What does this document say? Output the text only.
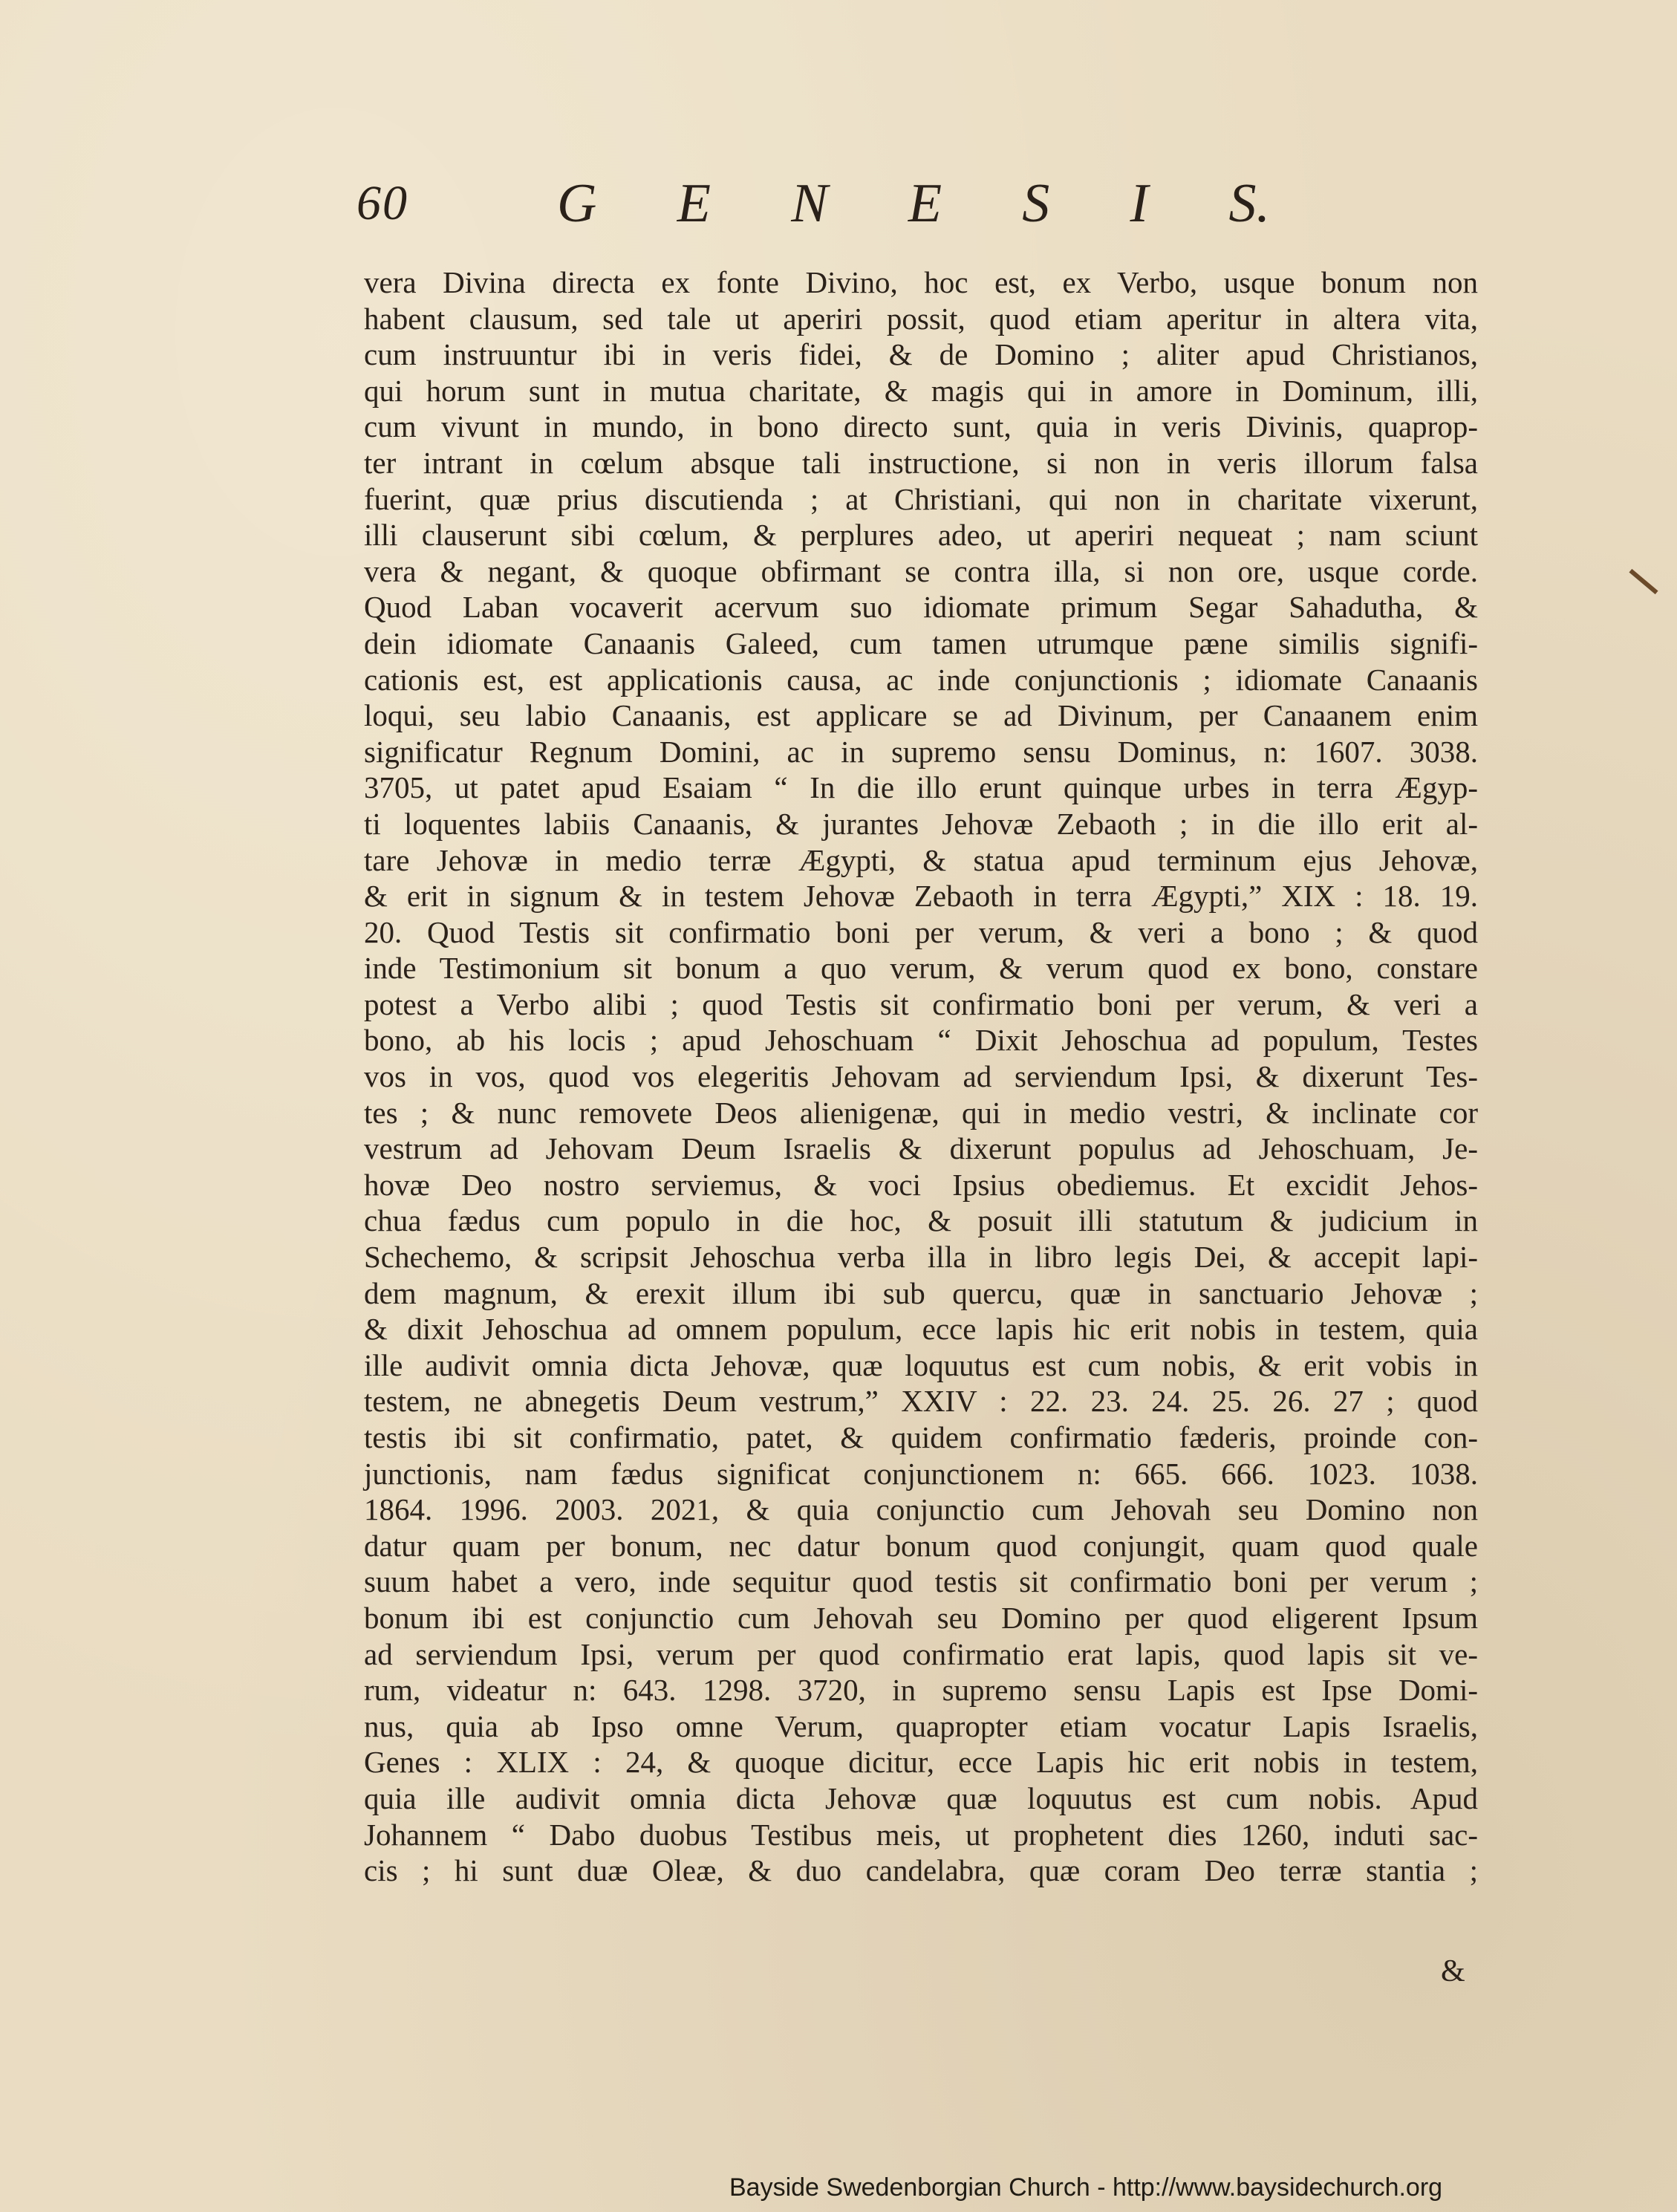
60	G E N E S I S.
vera Divina directa ex fonte Divino, hoc est, ex Verbo, usque bonum non
habent clausum, sed tale ut aperiri possit, quod etiam aperitur in altera vita,
cum instruuntur ibi in veris fidei, & de Domino ; aliter apud Christianos,
qui horum sunt in mutua charitate, & magis qui in amore in Dominum, illi,
cum vivunt in mundo, in bono directo sunt, quia in veris Divinis, quaprop-
ter intrant in cœlum absque tali instructione, si non in veris illorum falsa
fuerint, quæ prius discutienda ; at Christiani, qui non in charitate vixerunt,
illi clauserunt sibi cœlum, & perplures adeo, ut aperiri nequeat ; nam sciunt
vera & negant, & quoque obfirmant se contra illa, si non ore, usque corde.
Quod Laban vocaverit acervum suo idiomate primum Segar Sahadutha, &
dein idiomate Canaanis Galeed, cum tamen utrumque pæne similis signifi-
cationis est, est applicationis causa, ac inde conjunctionis ; idiomate Canaanis
loqui, seu labio Canaanis, est applicare se ad Divinum, per Canaanem enim
significatur Regnum Domini, ac in supremo sensu Dominus, n: 1607. 3038.
3705, ut patet apud Esaiam “ In die illo erunt quinque urbes in terra Ægyp-
ti loquentes labiis Canaanis, & jurantes Jehovæ Zebaoth ; in die illo erit al-
tare Jehovæ in medio terræ Ægypti, & statua apud terminum ejus Jehovæ,
& erit in signum & in testem Jehovæ Zebaoth in terra Ægypti,” XIX : 18. 19.
20. Quod Testis sit confirmatio boni per verum, & veri a bono ; & quod
inde Testimonium sit bonum a quo verum, & verum quod ex bono, constare
potest a Verbo alibi ; quod Testis sit confirmatio boni per verum, & veri a
bono, ab his locis ; apud Jehoschuam “ Dixit Jehoschua ad populum, Testes
vos in vos, quod vos elegeritis Jehovam ad serviendum Ipsi, & dixerunt Tes-
tes ; & nunc removete Deos alienigenæ, qui in medio vestri, & inclinate cor
vestrum ad Jehovam Deum Israelis & dixerunt populus ad Jehoschuam, Je-
hovæ Deo nostro serviemus, & voci Ipsius obediemus. Et excidit Jehos-
chua fædus cum populo in die hoc, & posuit illi statutum & judicium in
Schechemo, & scripsit Jehoschua verba illa in libro legis Dei, & accepit lapi-
dem magnum, & erexit illum ibi sub quercu, quæ in sanctuario Jehovæ ;
& dixit Jehoschua ad omnem populum, ecce lapis hic erit nobis in testem, quia
ille audivit omnia dicta Jehovæ, quæ loquutus est cum nobis, & erit vobis in
testem, ne abnegetis Deum vestrum,” XXIV : 22. 23. 24. 25. 26. 27 ; quod
testis ibi sit confirmatio, patet, & quidem confirmatio fæderis, proinde con-
junctionis, nam fædus significat conjunctionem n: 665. 666. 1023. 1038.
1864. 1996. 2003. 2021, & quia conjunctio cum Jehovah seu Domino non
datur quam per bonum, nec datur bonum quod conjungit, quam quod quale
suum habet a vero, inde sequitur quod testis sit confirmatio boni per verum ;
bonum ibi est conjunctio cum Jehovah seu Domino per quod eligerent Ipsum
ad serviendum Ipsi, verum per quod confirmatio erat lapis, quod lapis sit ve-
rum, videatur n: 643. 1298. 3720, in supremo sensu Lapis est Ipse Domi-
nus, quia ab Ipso omne Verum, quapropter etiam vocatur Lapis Israelis,
Genes : XLIX : 24, & quoque dicitur, ecce Lapis hic erit nobis in testem,
quia ille audivit omnia dicta Jehovæ quæ loquutus est cum nobis. Apud
Johannem “ Dabo duobus Testibus meis, ut prophetent dies 1260, induti sac-
cis ; hi sunt duæ Oleæ, & duo candelabra, quæ coram Deo terræ stantia ;
&
Bayside Swedenborgian Church - http://www.baysidechurch.org
